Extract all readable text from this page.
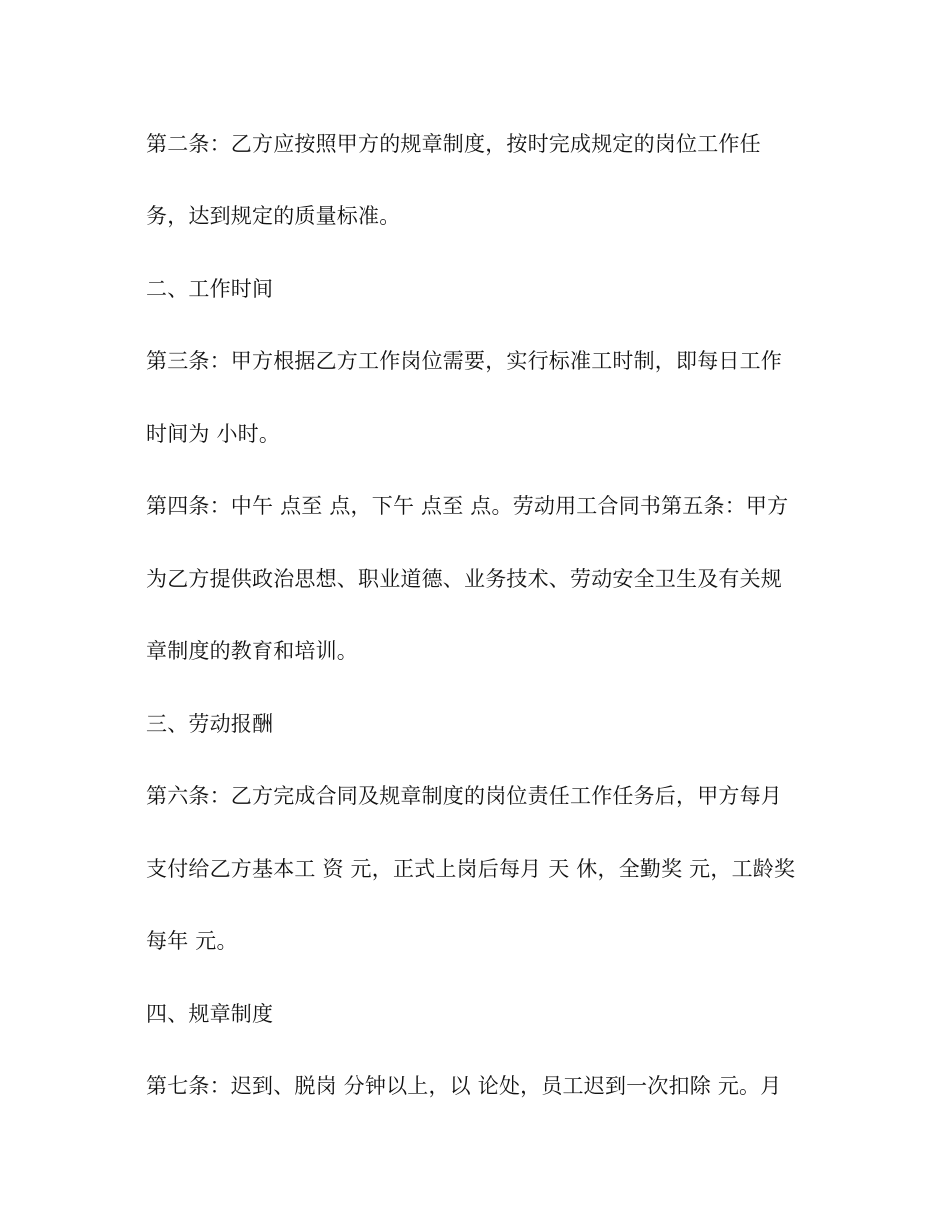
第二条：乙方应按照甲方的规章制度，按时完成规定的岗位工作任
务，达到规定的质量标准。
二、工作时间
第三条：甲方根据乙方工作岗位需要，实行标准工时制，即每日工作
时间为 小时。
第四条：中午 点至 点，下午 点至 点。劳动用工合同书第五条：甲方
为乙方提供政治思想、职业道德、业务技术、劳动安全卫生及有关规
章制度的教育和培训。
三、劳动报酬
第六条：乙方完成合同及规章制度的岗位责任工作任务后，甲方每月
支付给乙方基本工 资 元，正式上岗后每月 天 休，全勤奖 元，工龄奖
每年 元。
四、规章制度
第七条：迟到、脱岗 分钟以上，以 论处，员工迟到一次扣除 元。月
